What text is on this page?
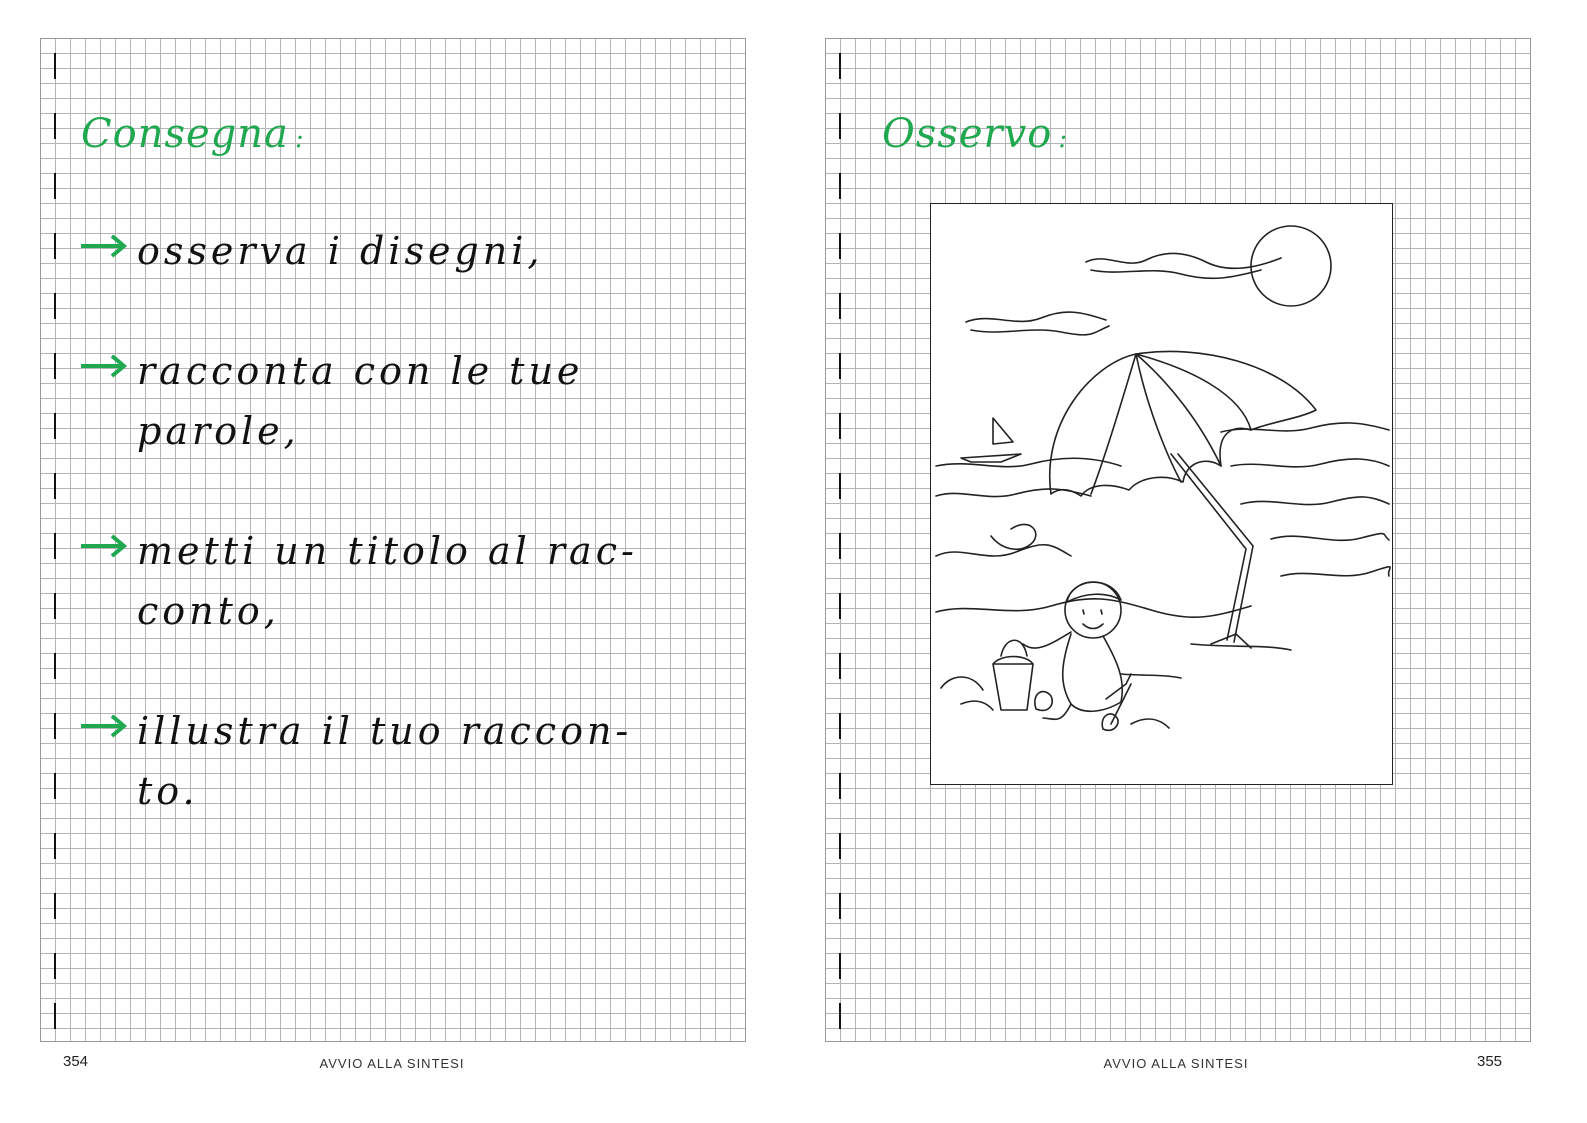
Consegna :
osserva i disegni,
racconta con le tue
parole,
metti un titolo al rac-
conto,
illustra il tuo raccon-
to.
Osservo :
354	AVVIO ALLA SINTESI	AVVIO ALLA SINTESI	355
